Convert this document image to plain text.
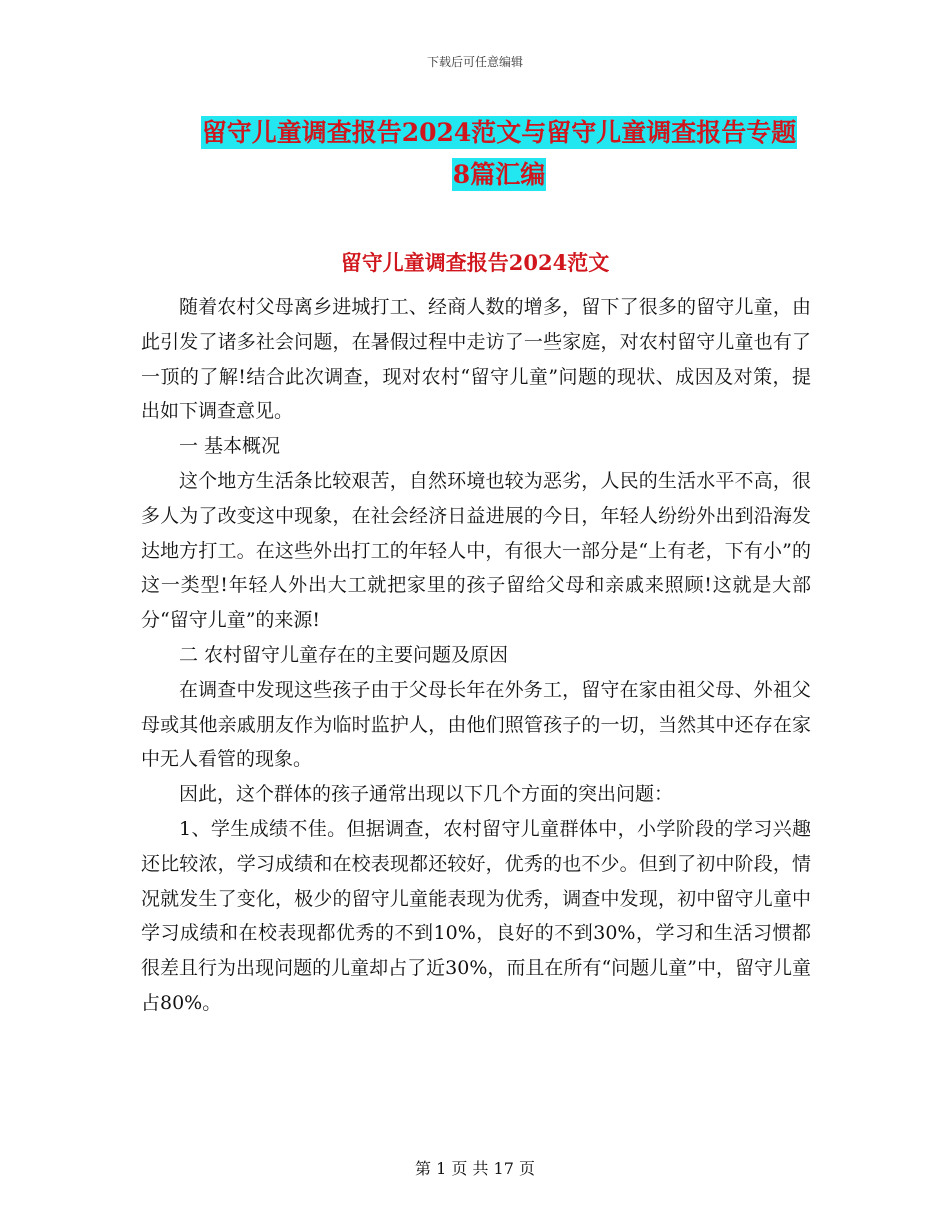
下载后可任意编辑
留守儿童调查报告2024范文与留守儿童调查报告专题
8篇汇编
留守儿童调查报告2024范文

随着农村父母离乡进城打工、经商人数的增多，留下了很多的留守儿童，由此引发了诸多社会问题，在暑假过程中走访了一些家庭，对农村留守儿童也有了一顶的了解!结合此次调查，现对农村“留守儿童”问题的现状、成因及对策，提出如下调查意见。

一 基本概况

这个地方生活条比较艰苦，自然环境也较为恶劣，人民的生活水平不高，很多人为了改变这中现象，在社会经济日益进展的今日，年轻人纷纷外出到沿海发达地方打工。在这些外出打工的年轻人中，有很大一部分是“上有老，下有小”的这一类型!年轻人外出大工就把家里的孩子留给父母和亲戚来照顾!这就是大部分“留守儿童”的来源!

二 农村留守儿童存在的主要问题及原因

在调查中发现这些孩子由于父母长年在外务工，留守在家由祖父母、外祖父母或其他亲戚朋友作为临时监护人，由他们照管孩子的一切，当然其中还存在家中无人看管的现象。

因此，这个群体的孩子通常出现以下几个方面的突出问题：

1、学生成绩不佳。但据调查，农村留守儿童群体中，小学阶段的学习兴趣还比较浓，学习成绩和在校表现都还较好，优秀的也不少。但到了初中阶段，情况就发生了变化，极少的留守儿童能表现为优秀，调查中发现，初中留守儿童中学习成绩和在校表现都优秀的不到10%，良好的不到30%，学习和生活习惯都很差且行为出现问题的儿童却占了近30%，而且在所有“问题儿童”中，留守儿童占80%。

第 1 页 共 17 页
